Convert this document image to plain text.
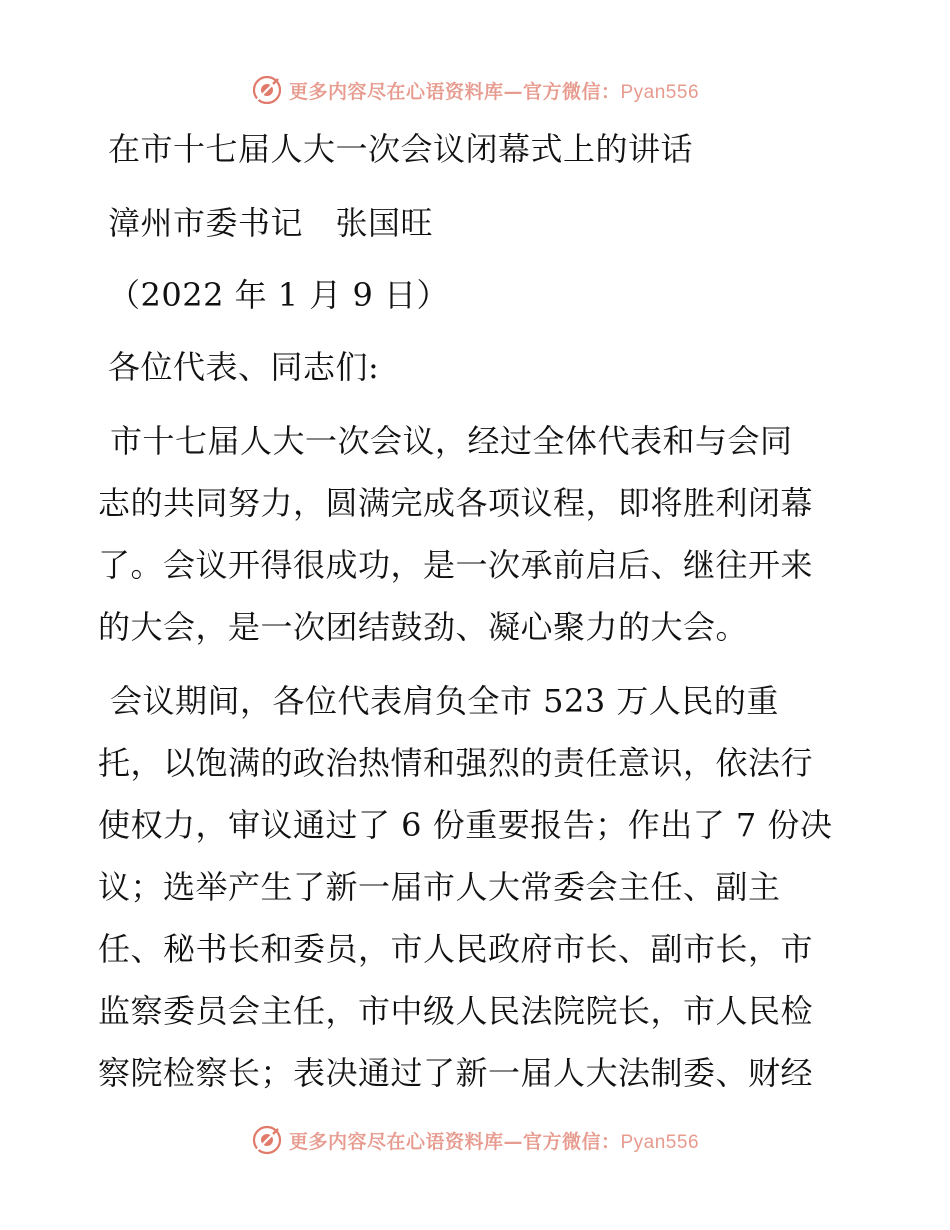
更多内容尽在心语资料库—官方微信：Pyan556
在市十七届人大一次会议闭幕式上的讲话
漳州市委书记　张国旺
（2022 年 1 月 9 日）
各位代表、同志们:
市十七届人大一次会议，经过全体代表和与会同
志的共同努力，圆满完成各项议程，即将胜利闭幕
了。会议开得很成功，是一次承前启后、继往开来
的大会，是一次团结鼓劲、凝心聚力的大会。
会议期间，各位代表肩负全市 523 万人民的重
托，以饱满的政治热情和强烈的责任意识，依法行
使权力，审议通过了 6 份重要报告；作出了 7 份决
议；选举产生了新一届市人大常委会主任、副主
任、秘书长和委员，市人民政府市长、副市长，市
监察委员会主任，市中级人民法院院长，市人民检
察院检察长；表决通过了新一届人大法制委、财经
更多内容尽在心语资料库—官方微信：Pyan556
